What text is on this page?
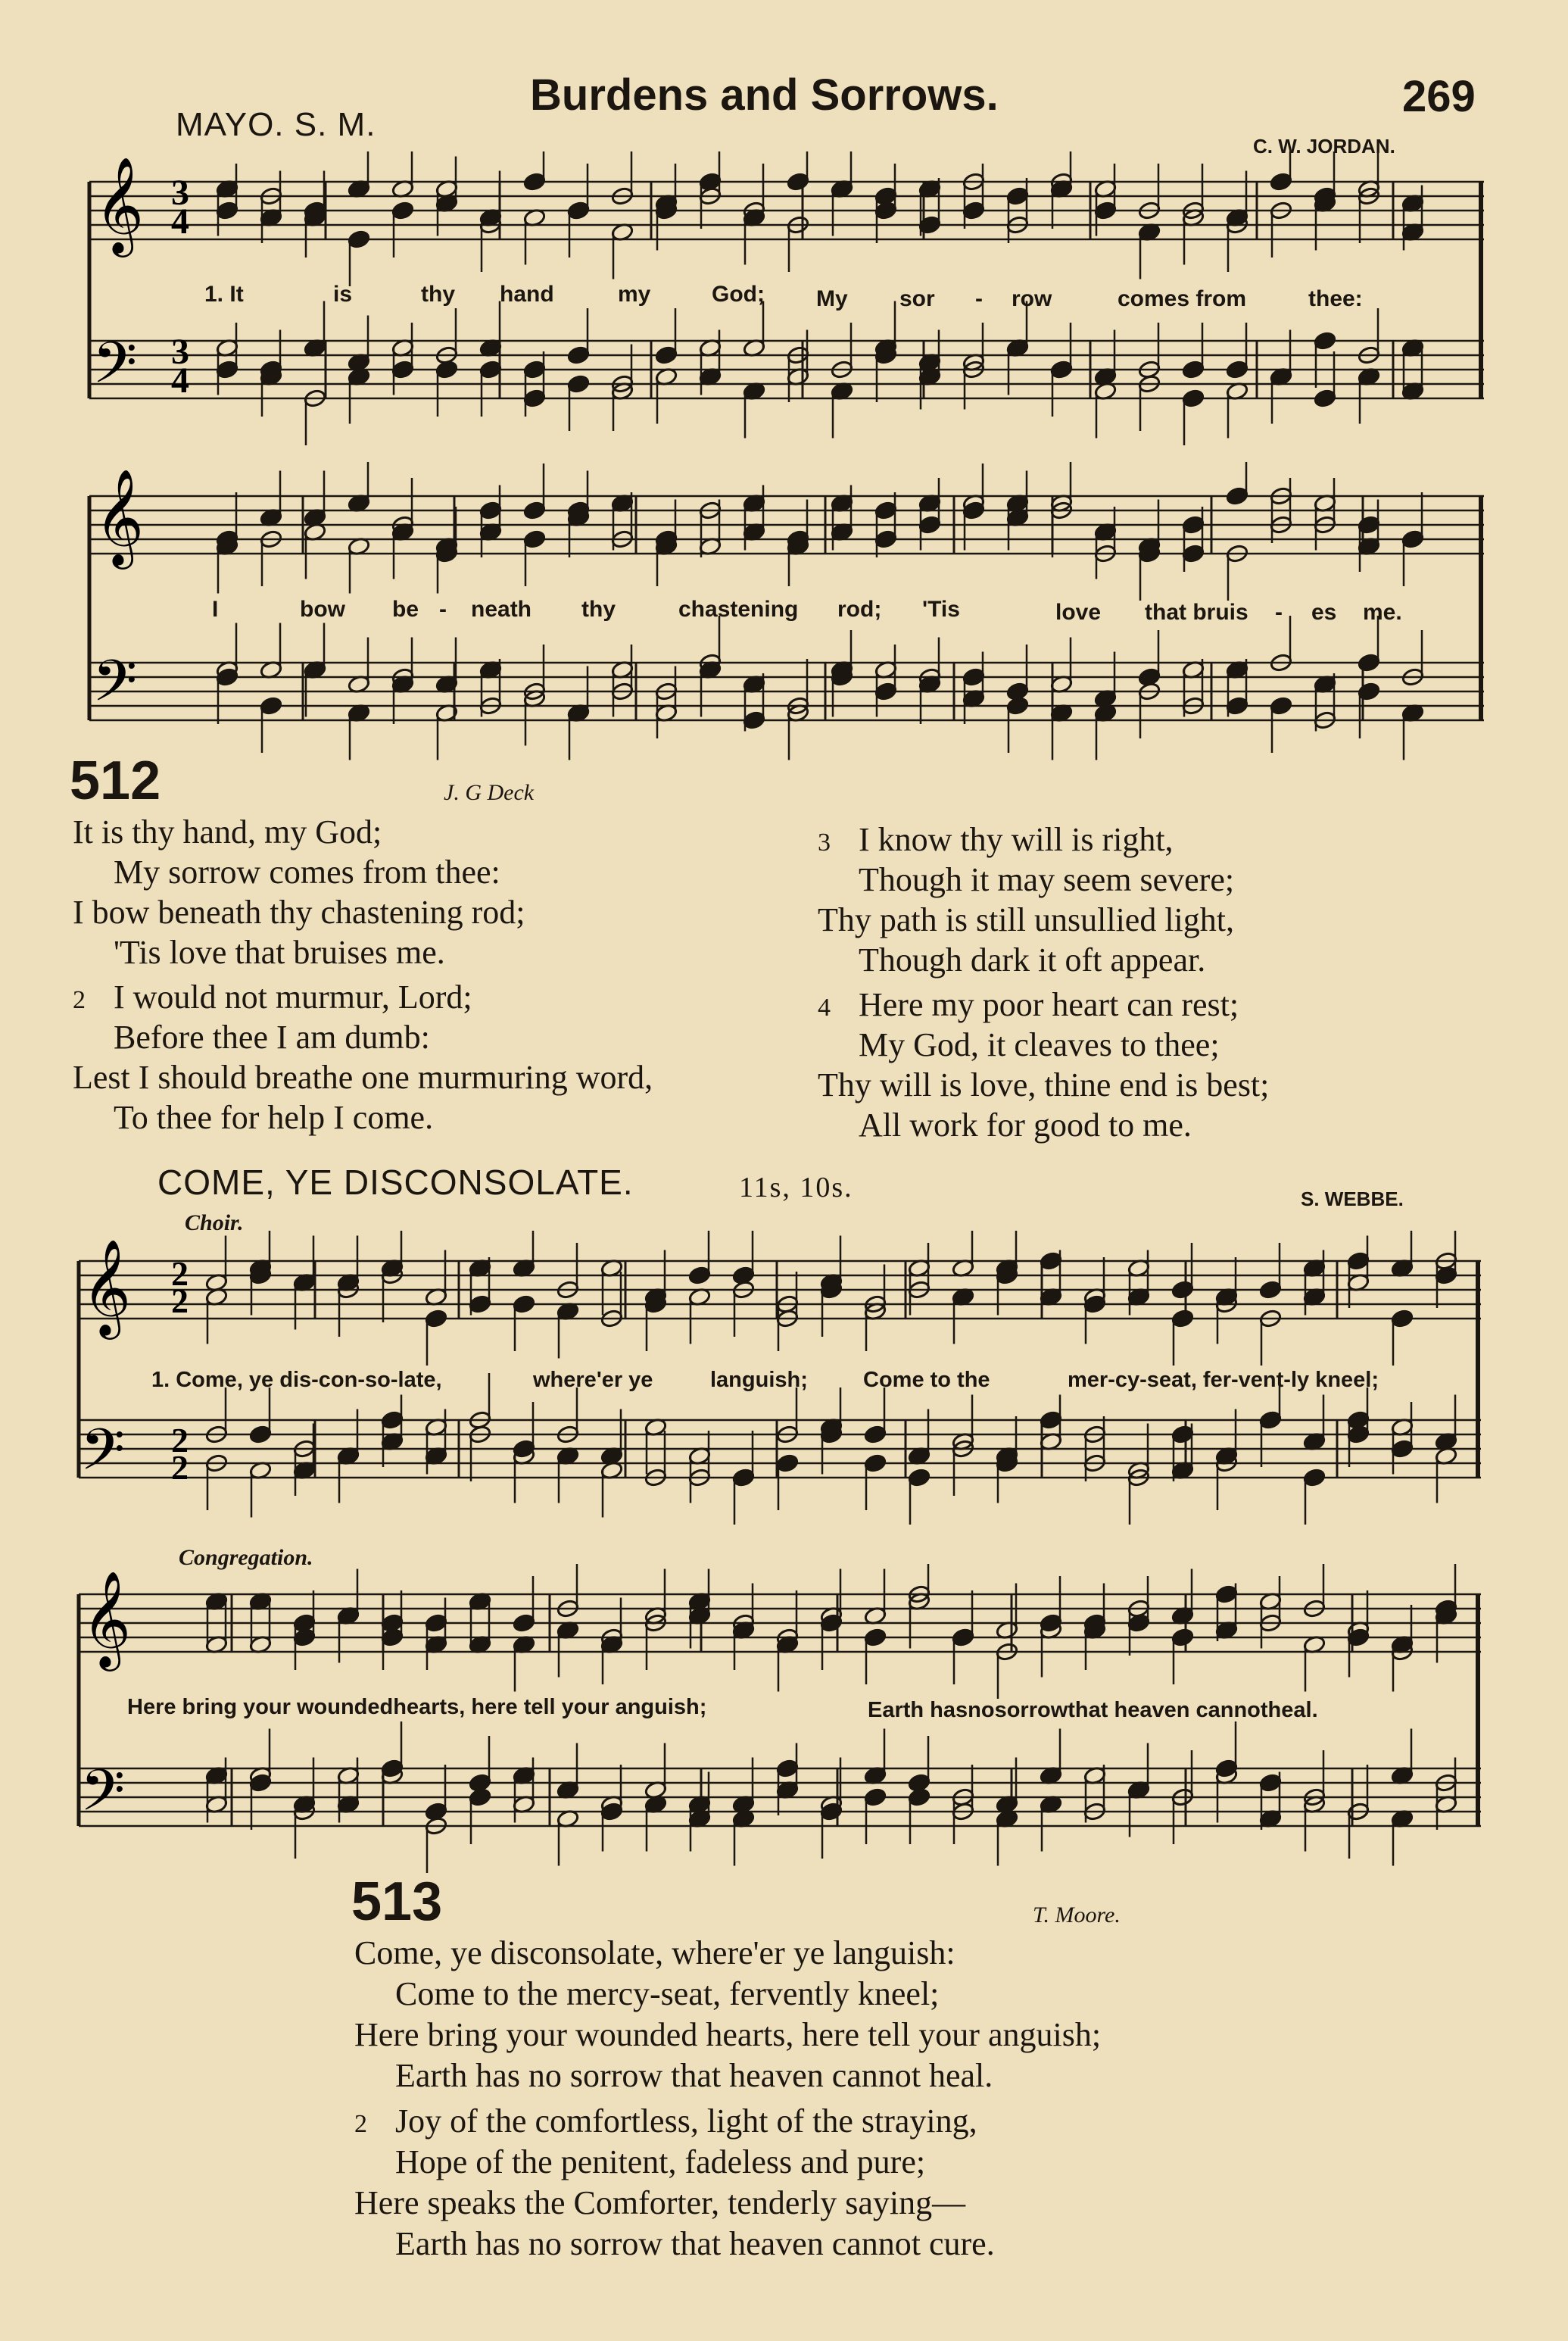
MAYO. S. M.
Burdens and Sorrows.	269
C. W. JORDAN.
𝄞
𝄢
3
4
3
4
1. It	is	thy hand	my	God; My sor - row	comes from	thee:
𝄞
𝄢
I	bow be - neath thy	chastening rod; 'Tis	love that bruis - es me.
512	J. G Deck

It is thy hand, my God;

My sorrow comes from thee:

I bow beneath thy chastening rod;

'Tis love that bruises me.

2 I would not murmur, Lord;

Before thee I am dumb:

Lest I should breathe one murmuring word,

To thee for help I come.

3 I know thy will is right,

Though it may seem severe;

Thy path is still unsullied light,

Though dark it oft appear.

4 Here my poor heart can rest;

My God, it cleaves to thee;

Thy will is love, thine end is best;

All work for good to me.

COME, YE DISCONSOLATE.	11s, 10s.	S. WEBBE.
Choir.
𝄞
𝄢
2
2
2
2
1. Come, ye dis-con-so-late,	where'er ye	languish;	Come to the	mer-cy-seat, fer-vent-ly kneel;
Congregation.
𝄞
𝄢
Here bring your woundedhearts, here tell your anguish;	Earth hasnosorrowthat heaven cannotheal.
513	T. Moore.

Come, ye disconsolate, where'er ye languish:

Come to the mercy-seat, fervently kneel;

Here bring your wounded hearts, here tell your anguish;

Earth has no sorrow that heaven cannot heal.

2 Joy of the comfortless, light of the straying,

Hope of the penitent, fadeless and pure;

Here speaks the Comforter, tenderly saying—

Earth has no sorrow that heaven cannot cure.
